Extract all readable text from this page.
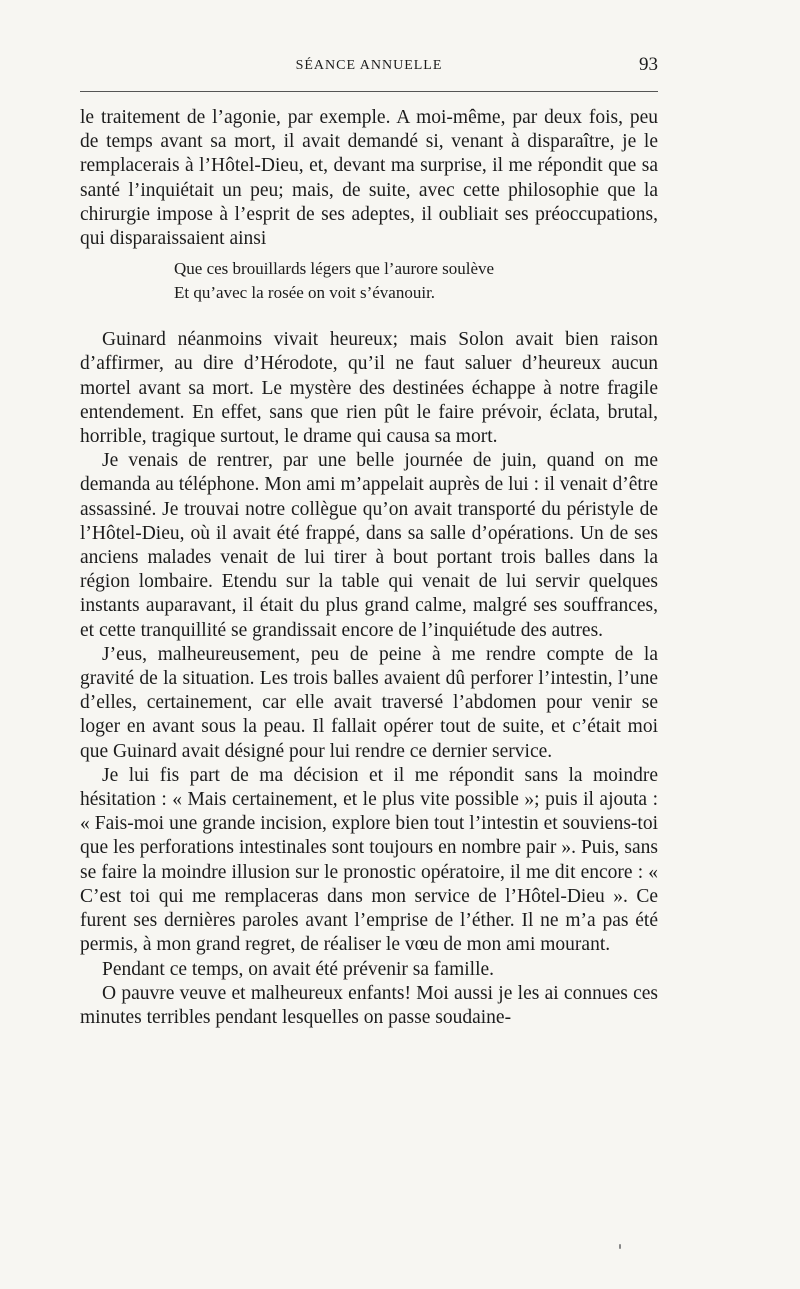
SÉANCE ANNUELLE	93

le traitement de l’agonie, par exemple. A moi-même, par deux fois, peu de temps avant sa mort, il avait demandé si, venant à disparaître, je le remplacerais à l’Hôtel-Dieu, et, devant ma surprise, il me répondit que sa santé l’inquiétait un peu; mais, de suite, avec cette philosophie que la chirurgie impose à l’esprit de ses adeptes, il oubliait ses préoccupations, qui disparaissaient ainsi

Que ces brouillards légers que l’aurore soulève
Et qu’avec la rosée on voit s’évanouir.

Guinard néanmoins vivait heureux; mais Solon avait bien raison d’affirmer, au dire d’Hérodote, qu’il ne faut saluer d’heureux aucun mortel avant sa mort. Le mystère des destinées échappe à notre fragile entendement. En effet, sans que rien pût le faire prévoir, éclata, brutal, horrible, tragique surtout, le drame qui causa sa mort.

Je venais de rentrer, par une belle journée de juin, quand on me demanda au téléphone. Mon ami m’appelait auprès de lui : il venait d’être assassiné. Je trouvai notre collègue qu’on avait transporté du péristyle de l’Hôtel-Dieu, où il avait été frappé, dans sa salle d’opérations. Un de ses anciens malades venait de lui tirer à bout portant trois balles dans la région lombaire. Etendu sur la table qui venait de lui servir quelques instants auparavant, il était du plus grand calme, malgré ses souffrances, et cette tranquillité se grandissait encore de l’inquiétude des autres.

J’eus, malheureusement, peu de peine à me rendre compte de la gravité de la situation. Les trois balles avaient dû perforer l’intestin, l’une d’elles, certainement, car elle avait traversé l’abdomen pour venir se loger en avant sous la peau. Il fallait opérer tout de suite, et c’était moi que Guinard avait désigné pour lui rendre ce dernier service.

Je lui fis part de ma décision et il me répondit sans la moindre hésitation : « Mais certainement, et le plus vite possible »; puis il ajouta : « Fais-moi une grande incision, explore bien tout l’intestin et souviens-toi que les perforations intestinales sont toujours en nombre pair ». Puis, sans se faire la moindre illusion sur le pronostic opératoire, il me dit encore : « C’est toi qui me remplaceras dans mon service de l’Hôtel-Dieu ». Ce furent ses dernières paroles avant l’emprise de l’éther. Il ne m’a pas été permis, à mon grand regret, de réaliser le vœu de mon ami mourant.

Pendant ce temps, on avait été prévenir sa famille.

O pauvre veuve et malheureux enfants! Moi aussi je les ai connues ces minutes terribles pendant lesquelles on passe soudaine-
